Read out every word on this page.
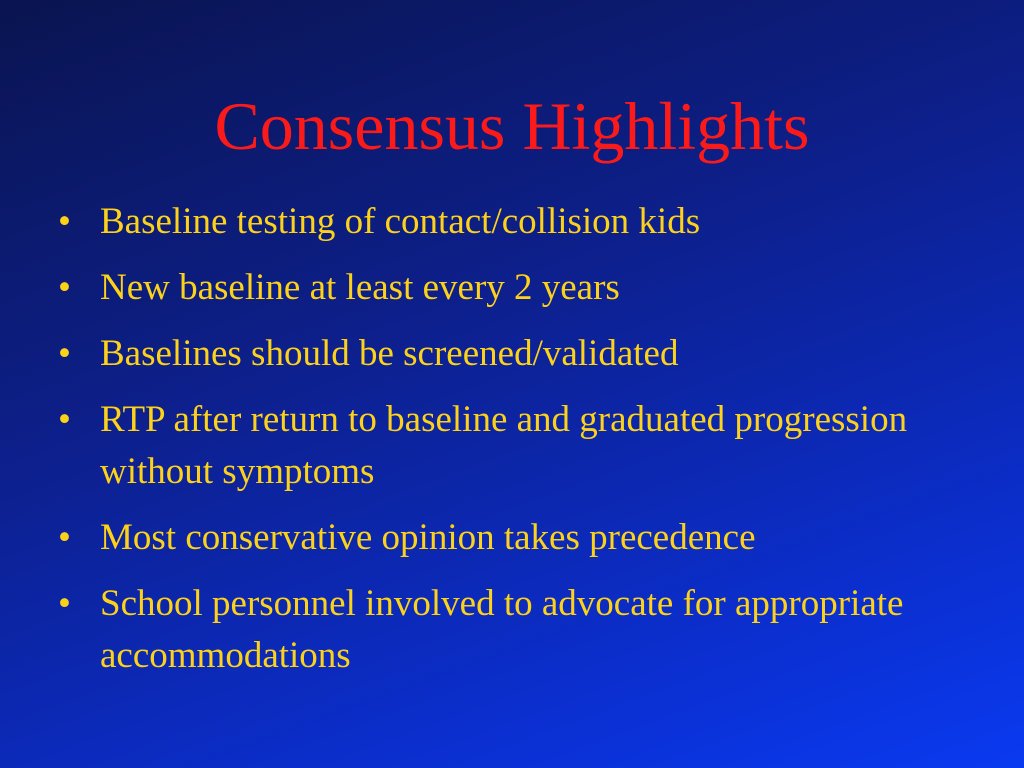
Consensus Highlights
• Baseline testing of contact/collision kids
• New baseline at least every 2 years
• Baselines should be screened/validated
• RTP after return to baseline and graduated progression without symptoms
• Most conservative opinion takes precedence
• School personnel involved to advocate for appropriate accommodations
